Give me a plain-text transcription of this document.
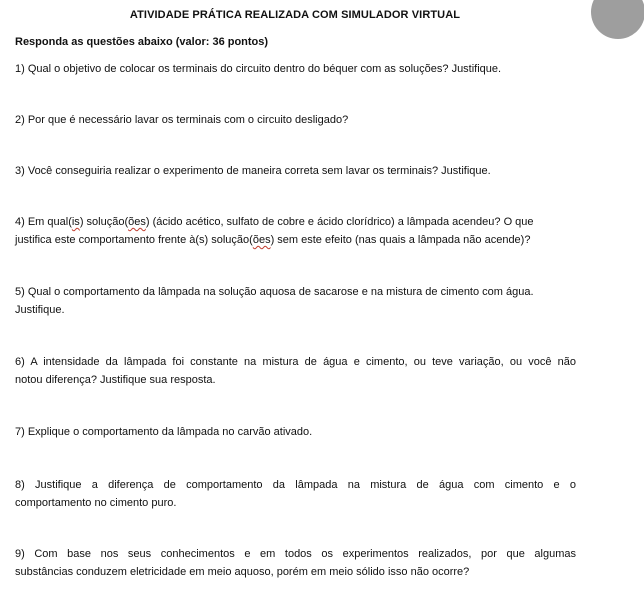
ATIVIDADE PRÁTICA REALIZADA COM SIMULADOR VIRTUAL
Responda as questões abaixo (valor: 36 pontos)
1) Qual o objetivo de colocar os terminais do circuito dentro do béquer com as soluções? Justifique.
2) Por que é necessário lavar os terminais com o circuito desligado?
3) Você conseguiria realizar o experimento de maneira correta sem lavar os terminais? Justifique.
4) Em qual(is) solução(ões) (ácido acético, sulfato de cobre e ácido clorídrico) a lâmpada acendeu? O que
justifica este comportamento frente à(s) solução(ões) sem este efeito (nas quais a lâmpada não acende)?
5) Qual o comportamento da lâmpada na solução aquosa de sacarose e na mistura de cimento com água.
Justifique.
6) A intensidade da lâmpada foi constante na mistura de água e cimento, ou teve variação, ou você não
notou diferença? Justifique sua resposta.
7) Explique o comportamento da lâmpada no carvão ativado.
8) Justifique a diferença de comportamento da lâmpada na mistura de água com cimento e o
comportamento no cimento puro.
9) Com base nos seus conhecimentos e em todos os experimentos realizados, por que algumas
substâncias conduzem eletricidade em meio aquoso, porém em meio sólido isso não ocorre?
